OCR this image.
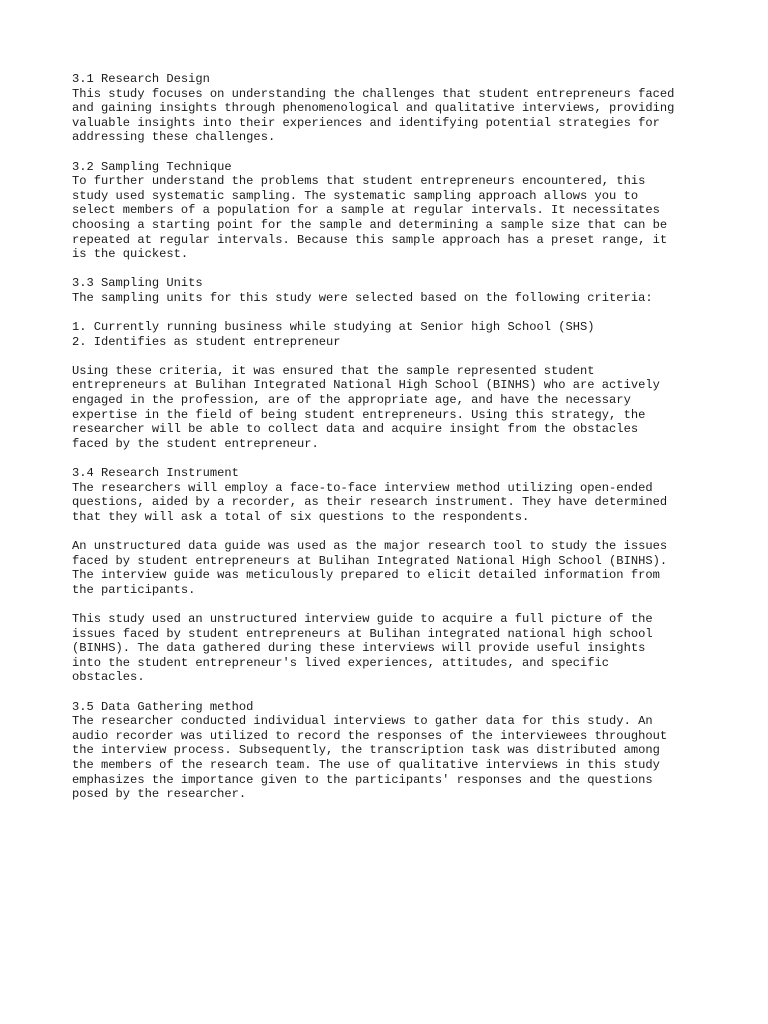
3.1 Research Design
This study focuses on understanding the challenges that student entrepreneurs faced
and gaining insights through phenomenological and qualitative interviews, providing
valuable insights into their experiences and identifying potential strategies for
addressing these challenges.
3.2 Sampling Technique
To further understand the problems that student entrepreneurs encountered, this
study used systematic sampling. The systematic sampling approach allows you to
select members of a population for a sample at regular intervals. It necessitates
choosing a starting point for the sample and determining a sample size that can be
repeated at regular intervals. Because this sample approach has a preset range, it
is the quickest.
3.3 Sampling Units
The sampling units for this study were selected based on the following criteria:
1. Currently running business while studying at Senior high School (SHS)
2. Identifies as student entrepreneur
Using these criteria, it was ensured that the sample represented student
entrepreneurs at Bulihan Integrated National High School (BINHS) who are actively
engaged in the profession, are of the appropriate age, and have the necessary
expertise in the field of being student entrepreneurs. Using this strategy, the
researcher will be able to collect data and acquire insight from the obstacles
faced by the student entrepreneur.
3.4 Research Instrument
The researchers will employ a face-to-face interview method utilizing open-ended
questions, aided by a recorder, as their research instrument. They have determined
that they will ask a total of six questions to the respondents.
An unstructured data guide was used as the major research tool to study the issues
faced by student entrepreneurs at Bulihan Integrated National High School (BINHS).
The interview guide was meticulously prepared to elicit detailed information from
the participants.
This study used an unstructured interview guide to acquire a full picture of the
issues faced by student entrepreneurs at Bulihan integrated national high school
(BINHS). The data gathered during these interviews will provide useful insights
into the student entrepreneur's lived experiences, attitudes, and specific
obstacles.
3.5 Data Gathering method
The researcher conducted individual interviews to gather data for this study. An
audio recorder was utilized to record the responses of the interviewees throughout
the interview process. Subsequently, the transcription task was distributed among
the members of the research team. The use of qualitative interviews in this study
emphasizes the importance given to the participants' responses and the questions
posed by the researcher.
